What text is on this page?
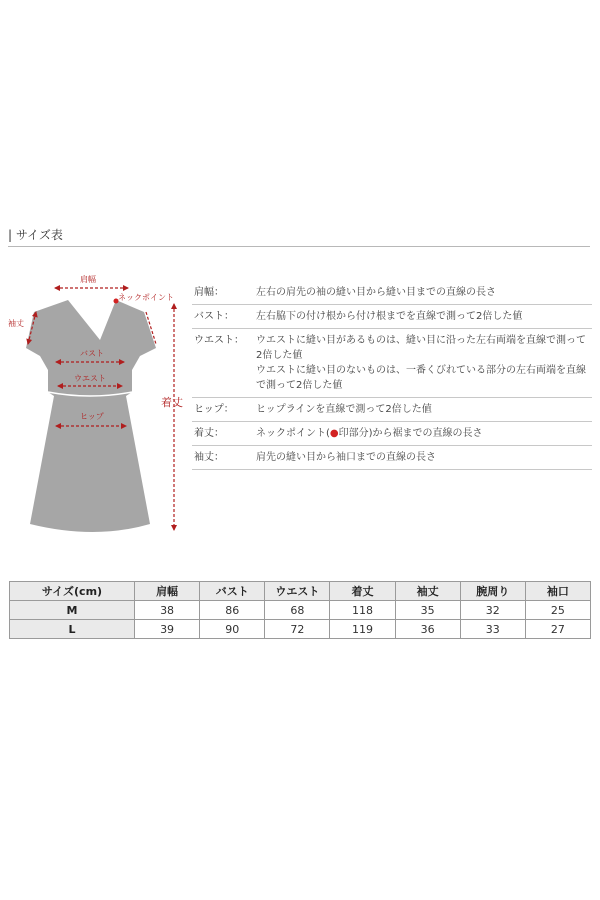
| サイズ表
肩幅
ネックポイント
袖丈
バスト
ウエスト
ヒップ
着丈
肩幅：	左右の肩先の袖の縫い目から縫い目までの直線の長さ
バスト：	左右脇下の付け根から付け根までを直線で測って2倍した値
ウエスト：	ウエストに縫い目があるものは、縫い目に沿った左右両端を直線で測って2倍した値
ウエストに縫い目のないものは、一番くびれている部分の左右両端を直線で測って2倍した値
ヒップ：	ヒップラインを直線で測って2倍した値
着丈：	ネックポイント(●印部分)から裾までの直線の長さ
袖丈：	肩先の縫い目から袖口までの直線の長さ
サイズ(cm)	肩幅	バスト	ウエスト	着丈	袖丈	腕周り	袖口
M	38	86	68	118	35	32	25
L	39	90	72	119	36	33	27
